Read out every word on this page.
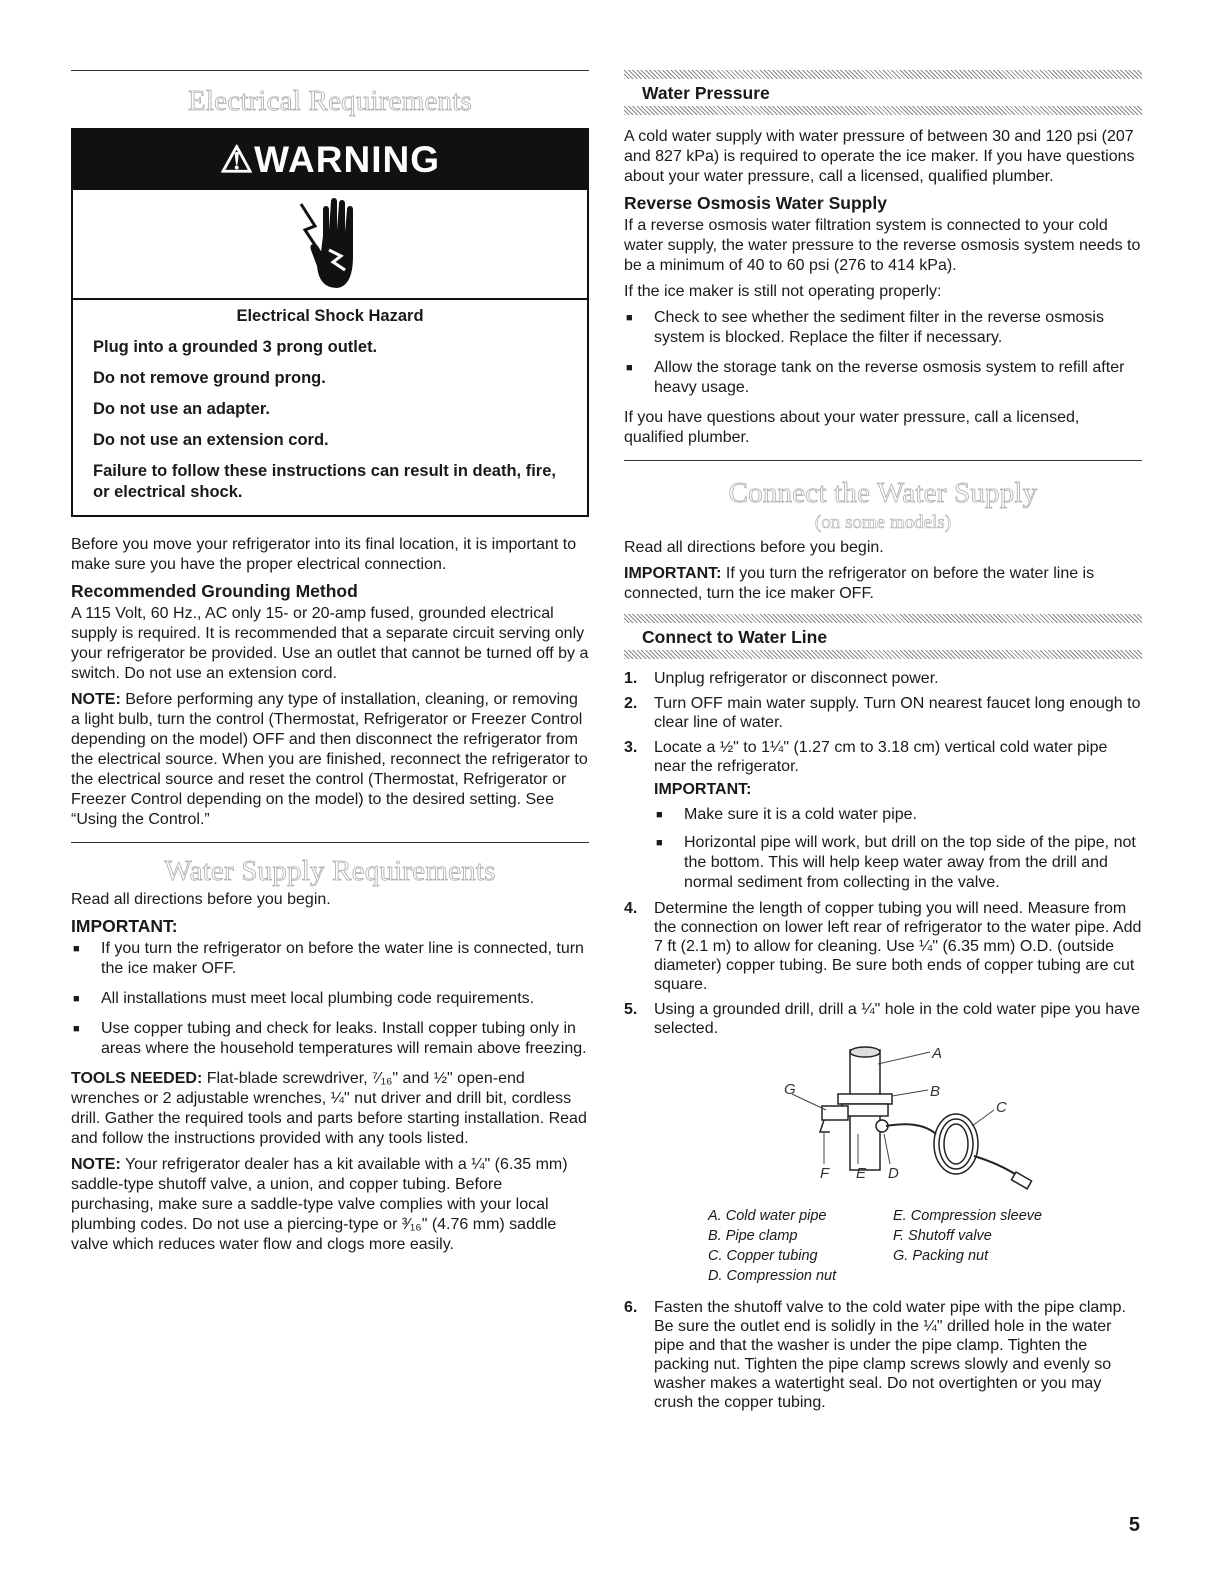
Electrical Requirements
⚠WARNING

Electrical Shock Hazard

Plug into a grounded 3 prong outlet.

Do not remove ground prong.

Do not use an adapter.

Do not use an extension cord.

Failure to follow these instructions can result in death, fire, or electrical shock.

Before you move your refrigerator into its final location, it is important to make sure you have the proper electrical connection.

Recommended Grounding Method

A 115 Volt, 60 Hz., AC only 15- or 20-amp fused, grounded electrical supply is required. It is recommended that a separate circuit serving only your refrigerator be provided. Use an outlet that cannot be turned off by a switch. Do not use an extension cord.

NOTE: Before performing any type of installation, cleaning, or removing a light bulb, turn the control (Thermostat, Refrigerator or Freezer Control depending on the model) OFF and then disconnect the refrigerator from the electrical source. When you are finished, reconnect the refrigerator to the electrical source and reset the control (Thermostat, Refrigerator or Freezer Control depending on the model) to the desired setting. See “Using the Control.”

Water Supply Requirements

Read all directions before you begin.

IMPORTANT:
■ If you turn the refrigerator on before the water line is connected, turn the ice maker OFF.
■ All installations must meet local plumbing code requirements.
■ Use copper tubing and check for leaks. Install copper tubing only in areas where the household temperatures will remain above freezing.

TOOLS NEEDED: Flat-blade screwdriver, ⁷⁄₁₆" and ½" open-end wrenches or 2 adjustable wrenches, ¼" nut driver and drill bit, cordless drill. Gather the required tools and parts before starting installation. Read and follow the instructions provided with any tools listed.

NOTE: Your refrigerator dealer has a kit available with a ¼" (6.35 mm) saddle-type shutoff valve, a union, and copper tubing. Before purchasing, make sure a saddle-type valve complies with your local plumbing codes. Do not use a piercing-type or ³⁄₁₆" (4.76 mm) saddle valve which reduces water flow and clogs more easily.

Water Pressure

A cold water supply with water pressure of between 30 and 120 psi (207 and 827 kPa) is required to operate the ice maker. If you have questions about your water pressure, call a licensed, qualified plumber.

Reverse Osmosis Water Supply

If a reverse osmosis water filtration system is connected to your cold water supply, the water pressure to the reverse osmosis system needs to be a minimum of 40 to 60 psi (276 to 414 kPa).

If the ice maker is still not operating properly:

■ Check to see whether the sediment filter in the reverse osmosis system is blocked. Replace the filter if necessary.
■ Allow the storage tank on the reverse osmosis system to refill after heavy usage.

If you have questions about your water pressure, call a licensed, qualified plumber.

Connect the Water Supply
(on some models)

Read all directions before you begin.

IMPORTANT: If you turn the refrigerator on before the water line is connected, turn the ice maker OFF.

Connect to Water Line
1. Unplug refrigerator or disconnect power.
2. Turn OFF main water supply. Turn ON nearest faucet long enough to clear line of water.
3. Locate a ½" to 1¼" (1.27 cm to 3.18 cm) vertical cold water pipe near the refrigerator.
IMPORTANT:
■ Make sure it is a cold water pipe.
■ Horizontal pipe will work, but drill on the top side of the pipe, not the bottom. This will help keep water away from the drill and normal sediment from collecting in the valve.
4. Determine the length of copper tubing you will need. Measure from the connection on lower left rear of refrigerator to the water pipe. Add 7 ft (2.1 m) to allow for cleaning. Use ¼" (6.35 mm) O.D. (outside diameter) copper tubing. Be sure both ends of copper tubing are cut square.
5. Using a grounded drill, drill a ¼" hole in the cold water pipe you have selected.
A
B
C
D
E
F
G
A. Cold water pipe
B. Pipe clamp
C. Copper tubing
D. Compression nut
E. Compression sleeve
F. Shutoff valve
G. Packing nut
6. Fasten the shutoff valve to the cold water pipe with the pipe clamp. Be sure the outlet end is solidly in the ¼" drilled hole in the water pipe and that the washer is under the pipe clamp. Tighten the packing nut. Tighten the pipe clamp screws slowly and evenly so washer makes a watertight seal. Do not overtighten or you may crush the copper tubing.
5
